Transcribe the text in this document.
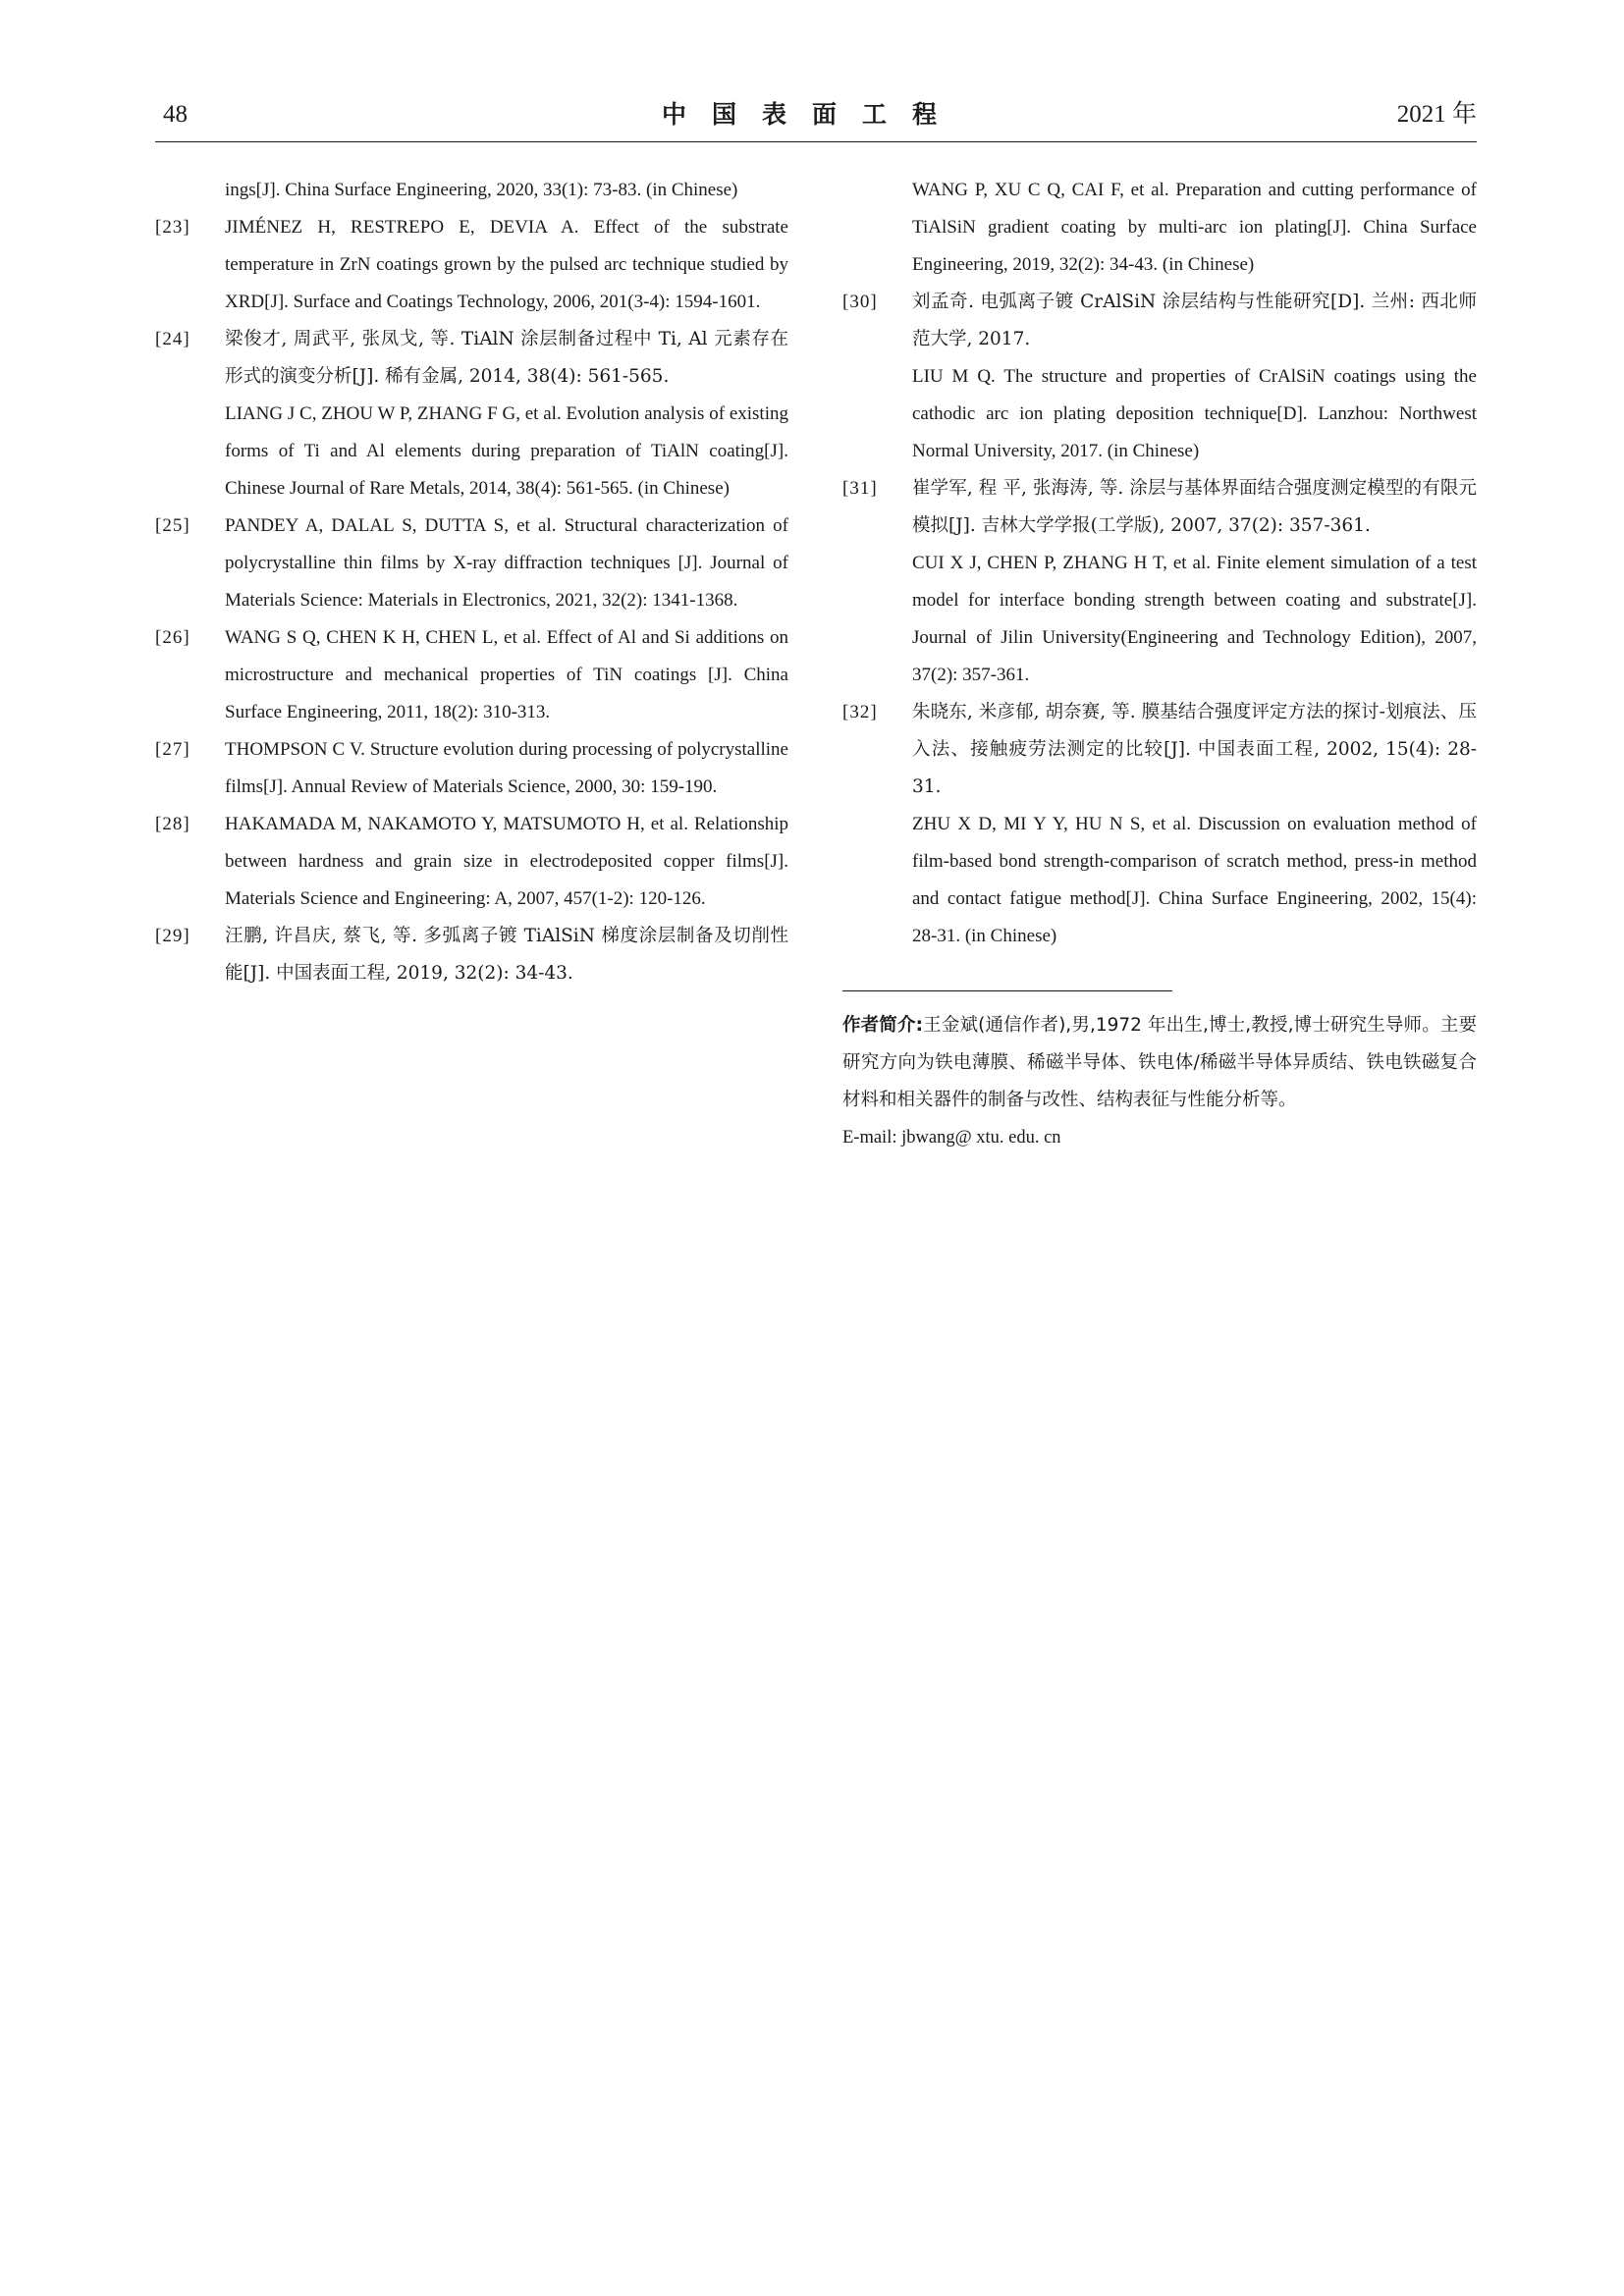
48	中国表面工程	2021 年
ings[J]. China Surface Engineering, 2020, 33(1): 73-83. (in Chinese)
[23] JIMÉNEZ H, RESTREPO E, DEVIA A. Effect of the substrate temperature in ZrN coatings grown by the pulsed arc technique studied by XRD[J]. Surface and Coatings Technology, 2006, 201(3-4): 1594-1601.
[24] 梁俊才, 周武平, 张凤戈, 等. TiAlN 涂层制备过程中 Ti, Al 元素存在形式的演变分析[J]. 稀有金属, 2014, 38(4): 561-565.
LIANG J C, ZHOU W P, ZHANG F G, et al. Evolution analysis of existing forms of Ti and Al elements during preparation of TiAlN coating[J]. Chinese Journal of Rare Metals, 2014, 38(4): 561-565. (in Chinese)
[25] PANDEY A, DALAL S, DUTTA S, et al. Structural characterization of polycrystalline thin films by X-ray diffraction techniques [J]. Journal of Materials Science: Materials in Electronics, 2021, 32(2): 1341-1368.
[26] WANG S Q, CHEN K H, CHEN L, et al. Effect of Al and Si additions on microstructure and mechanical properties of TiN coatings [J]. China Surface Engineering, 2011, 18(2): 310-313.
[27] THOMPSON C V. Structure evolution during processing of polycrystalline films[J]. Annual Review of Materials Science, 2000, 30: 159-190.
[28] HAKAMADA M, NAKAMOTO Y, MATSUMOTO H, et al. Relationship between hardness and grain size in electrodeposited copper films[J]. Materials Science and Engineering: A, 2007, 457(1-2): 120-126.
[29] 汪鹏, 许昌庆, 蔡飞, 等. 多弧离子镀 TiAlSiN 梯度涂层制备及切削性能[J]. 中国表面工程, 2019, 32(2): 34-43.
WANG P, XU C Q, CAI F, et al. Preparation and cutting performance of TiAlSiN gradient coating by multi-arc ion plating[J]. China Surface Engineering, 2019, 32(2): 34-43. (in Chinese)
[30] 刘孟奇. 电弧离子镀 CrAlSiN 涂层结构与性能研究[D]. 兰州: 西北师范大学, 2017.
LIU M Q. The structure and properties of CrAlSiN coatings using the cathodic arc ion plating deposition technique[D]. Lanzhou: Northwest Normal University, 2017. (in Chinese)
[31] 崔学军, 程 平, 张海涛, 等. 涂层与基体界面结合强度测定模型的有限元模拟[J]. 吉林大学学报(工学版), 2007, 37(2): 357-361.
CUI X J, CHEN P, ZHANG H T, et al. Finite element simulation of a test model for interface bonding strength between coating and substrate[J]. Journal of Jilin University(Engineering and Technology Edition), 2007, 37(2): 357-361.
[32] 朱晓东, 米彦郁, 胡奈赛, 等. 膜基结合强度评定方法的探讨-划痕法、压入法、接触疲劳法测定的比较[J]. 中国表面工程, 2002, 15(4): 28-31.
ZHU X D, MI Y Y, HU N S, et al. Discussion on evaluation method of film-based bond strength-comparison of scratch method, press-in method and contact fatigue method[J]. China Surface Engineering, 2002, 15(4): 28-31. (in Chinese)
作者简介:王金斌(通信作者),男,1972 年出生,博士,教授,博士研究生导师。主要研究方向为铁电薄膜、稀磁半导体、铁电体/稀磁半导体异质结、铁电铁磁复合材料和相关器件的制备与改性、结构表征与性能分析等。
E-mail: jbwang@ xtu. edu. cn
